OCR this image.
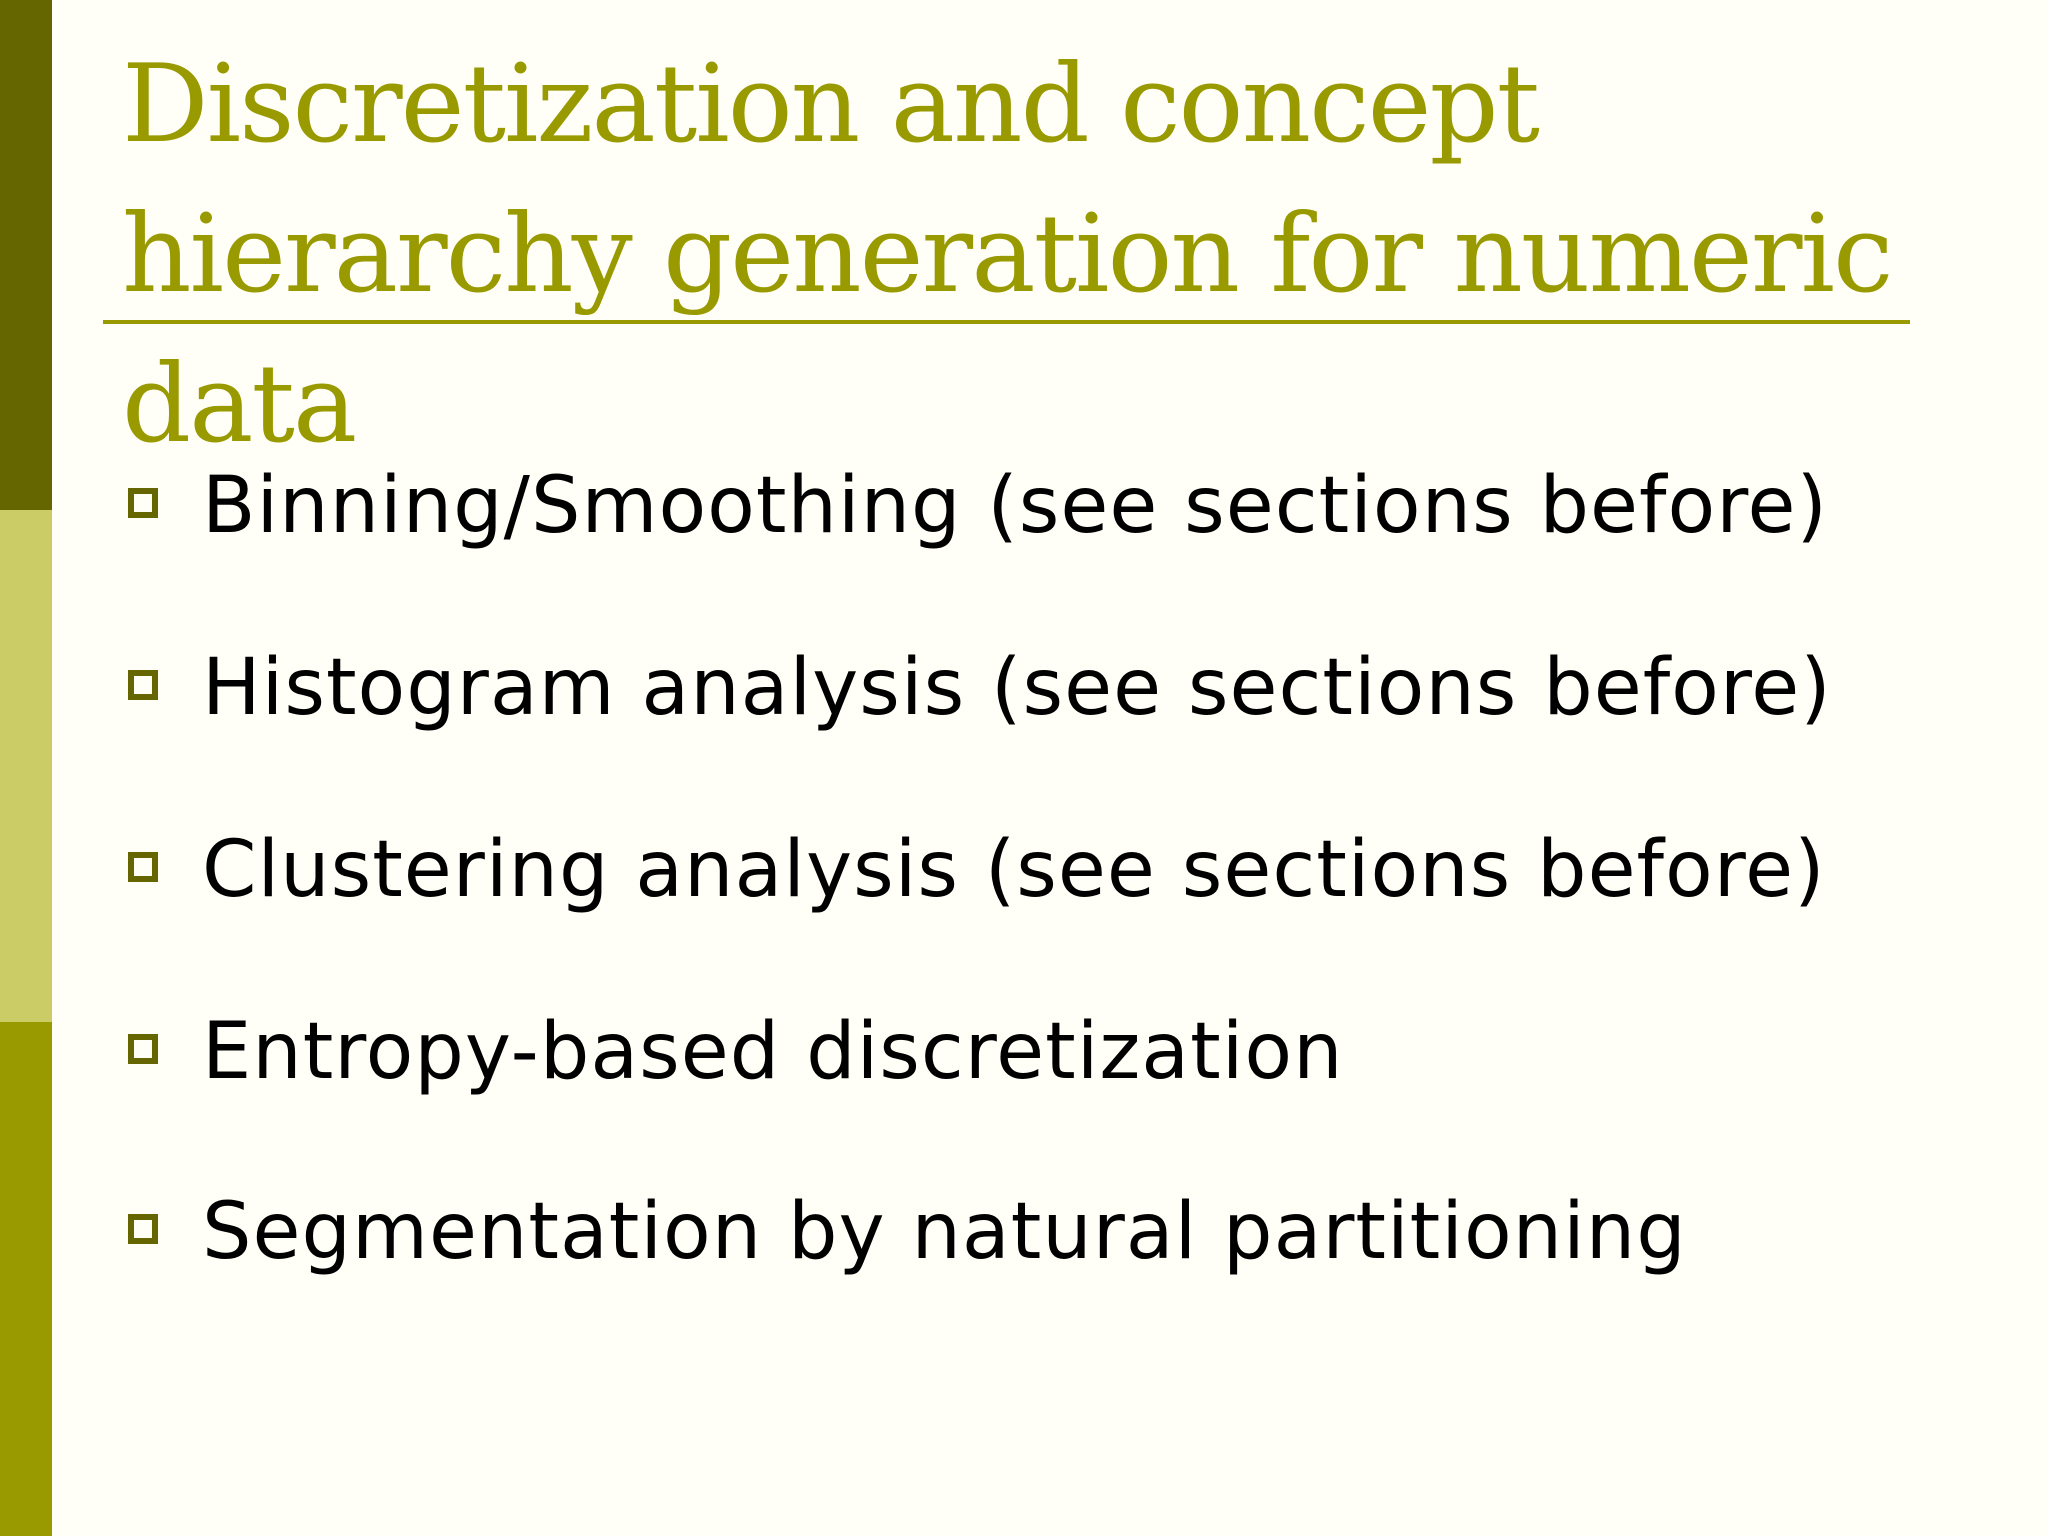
Discretization and concept hierarchy generation for numeric data
Binning/Smoothing (see sections before)
Histogram analysis (see sections before)
Clustering analysis (see sections before)
Entropy-based discretization
Segmentation by natural partitioning
